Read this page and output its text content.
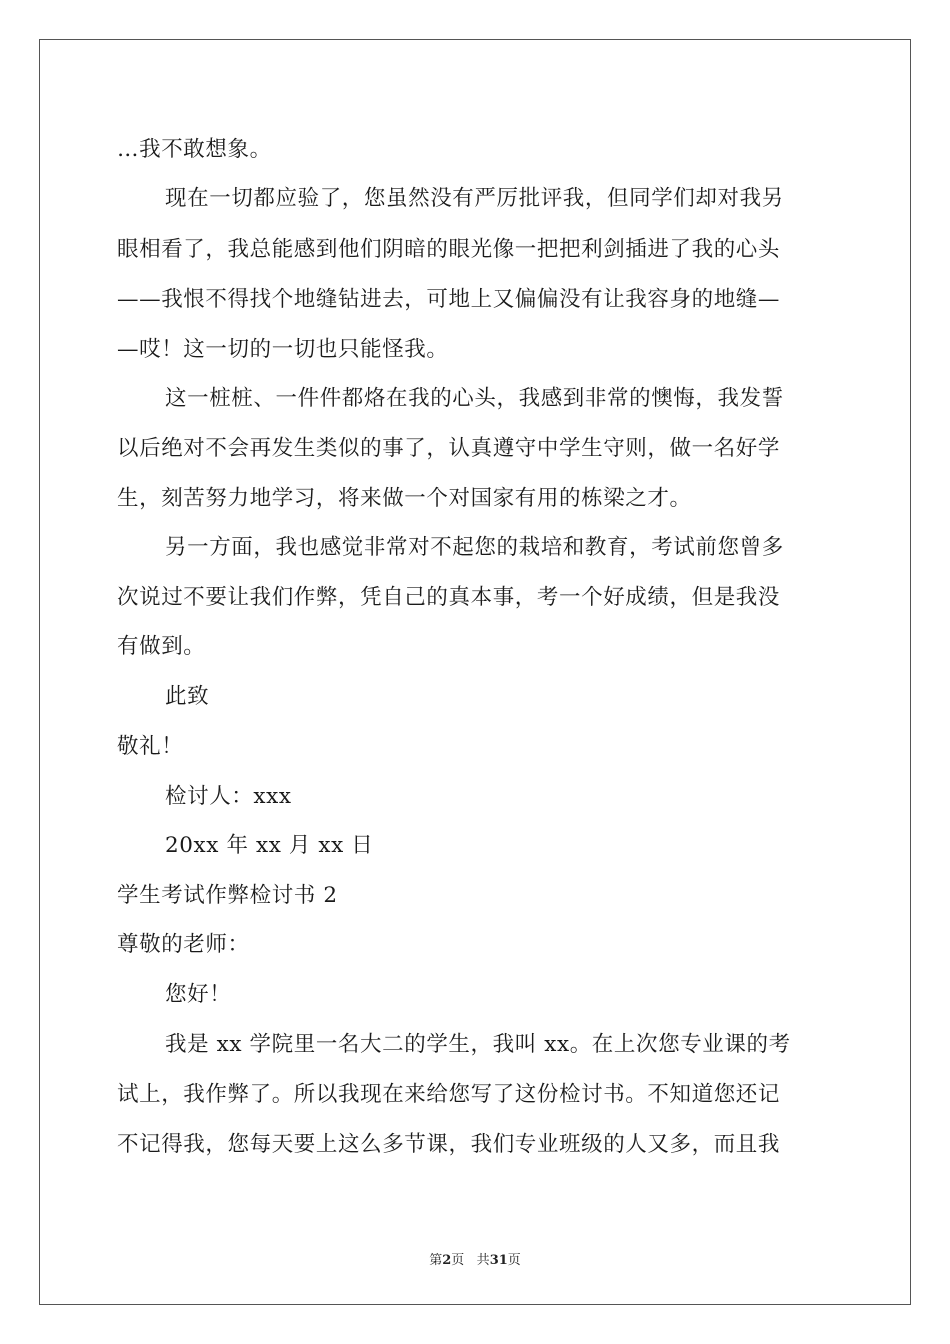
…我不敢想象。
现在一切都应验了，您虽然没有严厉批评我，但同学们却对我另
眼相看了，我总能感到他们阴暗的眼光像一把把利剑插进了我的心头
——我恨不得找个地缝钻进去，可地上又偏偏没有让我容身的地缝—
—哎！这一切的一切也只能怪我。
这一桩桩、一件件都烙在我的心头，我感到非常的懊悔，我发誓
以后绝对不会再发生类似的事了，认真遵守中学生守则，做一名好学
生，刻苦努力地学习，将来做一个对国家有用的栋梁之才。
另一方面，我也感觉非常对不起您的栽培和教育，考试前您曾多
次说过不要让我们作弊，凭自己的真本事，考一个好成绩，但是我没
有做到。
此致
敬礼！
检讨人：xxx
20xx 年 xx 月 xx 日
学生考试作弊检讨书 2
尊敬的老师：
您好！
我是 xx 学院里一名大二的学生，我叫 xx。在上次您专业课的考
试上，我作弊了。所以我现在来给您写了这份检讨书。不知道您还记
不记得我，您每天要上这么多节课，我们专业班级的人又多，而且我
第2页 共31页
